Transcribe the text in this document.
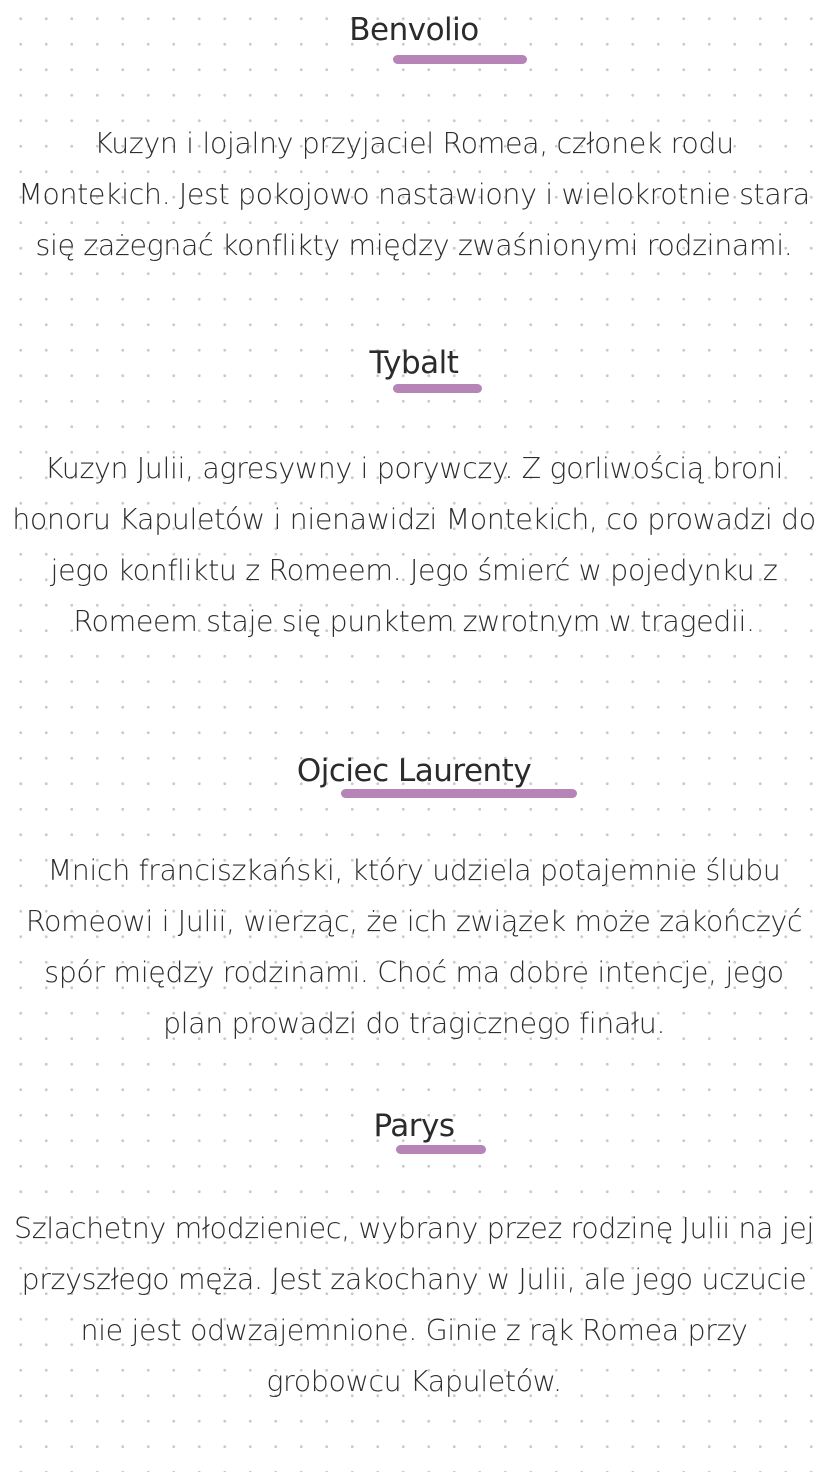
Benvolio

Kuzyn i lojalny przyjaciel Romea, członek rodu Montekich. Jest pokojowo nastawiony i wielokrotnie stara się zażegnać konflikty między zwaśnionymi rodzinami.

Tybalt

Kuzyn Julii, agresywny i porywczy. Z gorliwością broni honoru Kapuletów i nienawidzi Montekich, co prowadzi do jego konfliktu z Romeem. Jego śmierć w pojedynku z Romeem staje się punktem zwrotnym w tragedii.

Ojciec Laurenty

Mnich franciszkański, który udziela potajemnie ślubu Romeowi i Julii, wierząc, że ich związek może zakończyć spór między rodzinami. Choć ma dobre intencje, jego plan prowadzi do tragicznego finału.

Parys

Szlachetny młodzieniec, wybrany przez rodzinę Julii na jej przyszłego męża. Jest zakochany w Julii, ale jego uczucie nie jest odwzajemnione. Ginie z rąk Romea przy grobowcu Kapuletów.
